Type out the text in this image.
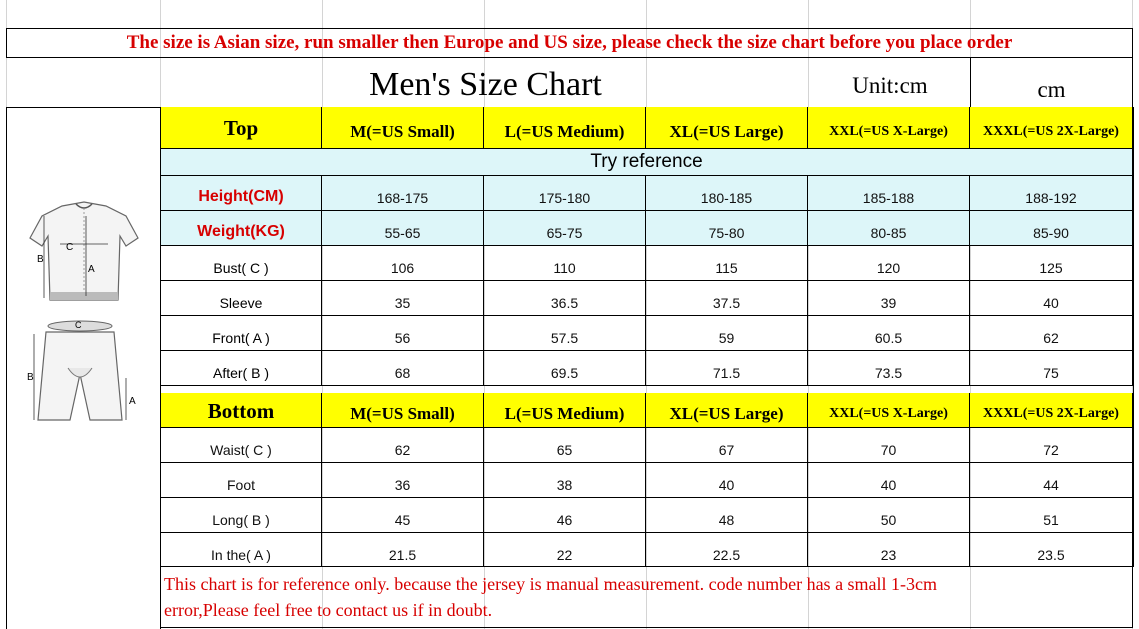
The size is Asian size, run smaller then Europe and US size, please check the size chart before you place order
Men's Size Chart	Unit:cm	cm
Top	M(=US Small)	L(=US Medium)	XL(=US Large)	XXL(=US X-Large)	XXXL(=US 2X-Large)
Try reference
Height(CM)	168-175	175-180	180-185	185-188	188-192
Weight(KG)	55-65	65-75	75-80	80-85	85-90
Bust( C )	106	110	115	120	125
Sleeve	35	36.5	37.5	39	40
Front( A )	56	57.5	59	60.5	62
After( B )	68	69.5	71.5	73.5	75
Bottom	M(=US Small)	L(=US Medium)	XL(=US Large)	XXL(=US X-Large)	XXXL(=US 2X-Large)
Waist( C )	62	65	67	70	72
Foot	36	38	40	40	44
Long( B )	45	46	48	50	51
In the( A )	21.5	22	22.5	23	23.5
This chart is for reference only. because the jersey is manual measurement. code number has a small 1-3cm
error,Please feel free to contact us if in doubt.
C
A
B
C
B
A
